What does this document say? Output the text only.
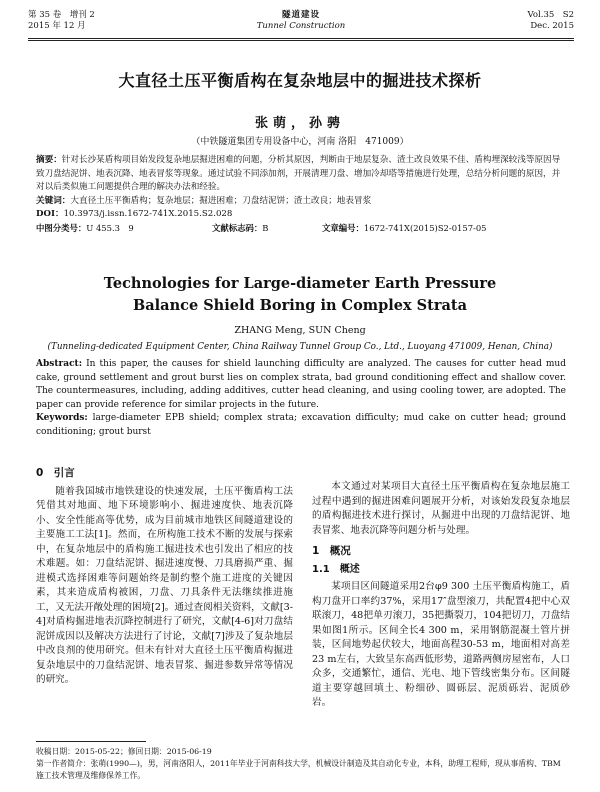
第 35 卷　增刊 2
2015 年 12 月
隧道建设
Tunnel Construction
Vol.35　S2
Dec. 2015
大直径土压平衡盾构在复杂地层中的掘进技术探析
张萌，孙骋
（中铁隧道集团专用设备中心，河南 洛阳　471009）
摘要：针对长沙某盾构项目始发段复杂地层掘进困难的问题，分析其原因，判断由于地层复杂、渣土改良效果不佳、盾构埋深较浅等原因导致刀盘结泥饼、地表沉降、地表冒浆等现象。通过试验不同添加剂，开展清理刀盘、增加冷却塔等措施进行处理，总结分析问题的原因，并对以后类似施工问题提供合理的解决办法和经验。
关键词：大直径土压平衡盾构；复杂地层；掘进困难；刀盘结泥饼；渣土改良；地表冒浆
DOI：10.3973/j.issn.1672-741X.2015.S2.028
中图分类号：U 455.3　9	文献标志码：B	文章编号：1672-741X(2015)S2-0157-05
Technologies for Large-diameter Earth Pressure
Balance Shield Boring in Complex Strata
ZHANG Meng, SUN Cheng
(Tunneling-dedicated Equipment Center, China Railway Tunnel Group Co., Ltd., Luoyang 471009, Henan, China)
Abstract: In this paper, the causes for shield launching difficulty are analyzed. The causes for cutter head mud cake, ground settlement and grout burst lies on complex strata, bad ground conditioning effect and shallow cover. The countermeasures, including, adding additives, cutter head cleaning, and using cooling tower, are adopted. The paper can provide reference for similar projects in the future.
Keywords: large-diameter EPB shield; complex strata; excavation difficulty; mud cake on cutter head; ground conditioning; grout burst
0　引言

随着我国城市地铁建设的快速发展，土压平衡盾构工法凭借其对地面、地下环境影响小、掘进速度快、地表沉降小、安全性能高等优势，成为目前城市地铁区间隧道建设的主要施工工法[1]。然而，在所构施工技术不断的发展与探索中，在复杂地层中的盾构施工掘进技术也引发出了相应的技术难题。如：刀盘结泥饼、掘进速度慢、刀具磨损严重、掘进模式选择困难等问题始终是制约整个施工进度的关键因素，其来造成盾构被困，刀盘、刀具条件无法继续推进施工，又无法开敞处理的困境[2]。通过查阅相关资料，文献[3-4]对盾构掘进地表沉降控制进行了研究，文献[4-6]对刀盘结泥饼成因以及解决方法进行了讨论，文献[7]涉及了复杂地层中改良剂的使用研究。但未有针对大直径土压平衡盾构掘进复杂地层中的刀盘结泥饼、地表冒浆、掘进参数异常等情况的研究。

本文通过对某项目大直径土压平衡盾构在复杂地层施工过程中遇到的掘进困难问题展开分析，对该始发段复杂地层的盾构掘进技术进行探讨，从掘进中出现的刀盘结泥饼、地表冒浆、地表沉降等问题分析与处理。

1　概况
1.1　概述

某项目区间隧道采用2台φ9 300 土压平衡盾构施工，盾构刀盘开口率约37%，采用17″盘型滚刀，共配置4把中心双联滚刀，48把单刃滚刀，35把撕裂刀，104把切刀，刀盘结果如图1所示。区间全长4 300 m，采用钢筋混凝土管片拼装，区间地势起伏较大，地面高程30-53 m，地面相对高差23 m左右，大致呈东高西低形势，道路两侧房屋密布，人口众多，交通繁忙，通信、光电、地下管线密集分布。区间隧道主要穿越回填土、粉细砂、圆砾层、泥质砾岩、泥质砂岩。

收稿日期：2015-05-22；修回日期：2015-06-19
第一作者简介：张萌(1990—)，男，河南洛阳人，2011年毕业于河南科技大学，机械设计制造及其自动化专业，本科，助理工程师，现从事盾构、TBM施工技术管理及维修保养工作。
